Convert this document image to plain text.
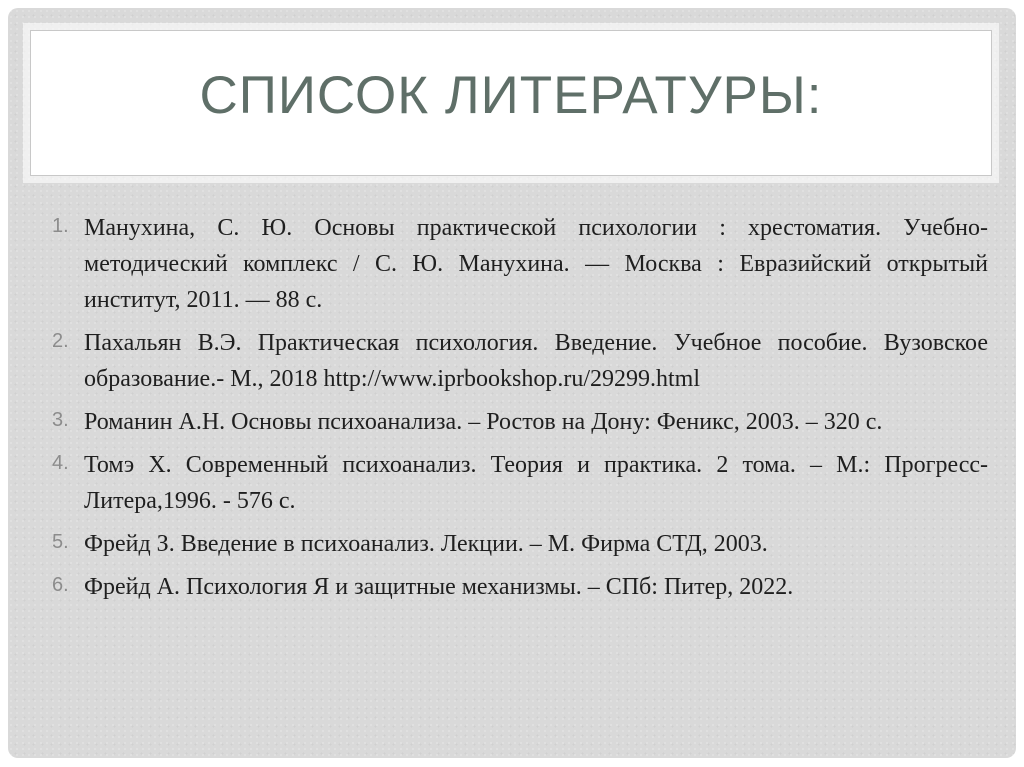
СПИСОК ЛИТЕРАТУРЫ:
1. Манухина, С. Ю. Основы практической психологии : хрестоматия. Учебно-методический комплекс / С. Ю. Манухина. — Москва : Евразийский открытый институт, 2011. — 88 с.
2. Пахальян В.Э. Практическая психология. Введение. Учебное пособие. Вузовское образование.- М., 2018 http://www.iprbookshop.ru/29299.html
3. Романин А.Н. Основы психоанализа. – Ростов на Дону: Феникс, 2003. – 320 с.
4. Томэ Х. Современный психоанализ. Теория и практика. 2 тома. – М.: Прогресс-Литера,1996. - 576 с.
5. Фрейд З. Введение в психоанализ. Лекции. – М. Фирма СТД, 2003.
6. Фрейд А. Психология Я и защитные механизмы. – СПб: Питер, 2022.
